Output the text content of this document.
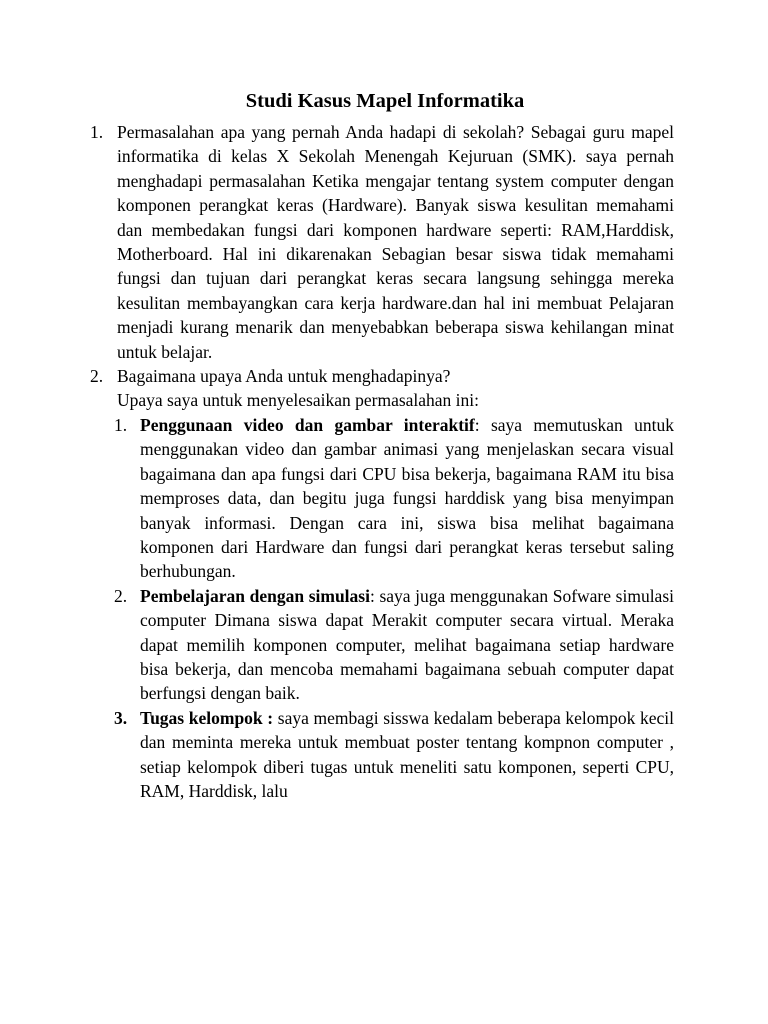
Studi Kasus Mapel Informatika
1. Permasalahan apa yang pernah Anda hadapi di sekolah? Sebagai guru mapel informatika di kelas X Sekolah Menengah Kejuruan (SMK). saya pernah menghadapi permasalahan Ketika mengajar tentang system computer dengan komponen perangkat keras (Hardware). Banyak siswa kesulitan memahami dan membedakan fungsi dari komponen hardware seperti: RAM,Harddisk, Motherboard. Hal ini dikarenakan Sebagian besar siswa tidak memahami fungsi dan tujuan dari perangkat keras secara langsung sehingga mereka kesulitan membayangkan cara kerja hardware.dan hal ini membuat Pelajaran menjadi kurang menarik dan menyebabkan beberapa siswa kehilangan minat untuk belajar.
2. Bagaimana upaya Anda untuk menghadapinya?
Upaya saya untuk menyelesaikan permasalahan ini:
1. Penggunaan video dan gambar interaktif: saya memutuskan untuk menggunakan video dan gambar animasi yang menjelaskan secara visual bagaimana dan apa fungsi dari CPU bisa bekerja, bagaimana RAM itu bisa memproses data, dan begitu juga fungsi harddisk yang bisa menyimpan banyak informasi. Dengan cara ini, siswa bisa melihat bagaimana komponen dari Hardware dan fungsi dari perangkat keras tersebut saling berhubungan.
2. Pembelajaran dengan simulasi: saya juga menggunakan Sofware simulasi computer Dimana siswa dapat Merakit computer secara virtual. Meraka dapat memilih komponen computer, melihat bagaimana setiap hardware bisa bekerja, dan mencoba memahami bagaimana sebuah computer dapat berfungsi dengan baik.
3. Tugas kelompok : saya membagi sisswa kedalam beberapa kelompok kecil dan meminta mereka untuk membuat poster tentang kompnon computer , setiap kelompok diberi tugas untuk meneliti satu komponen, seperti CPU, RAM, Harddisk, lalu
